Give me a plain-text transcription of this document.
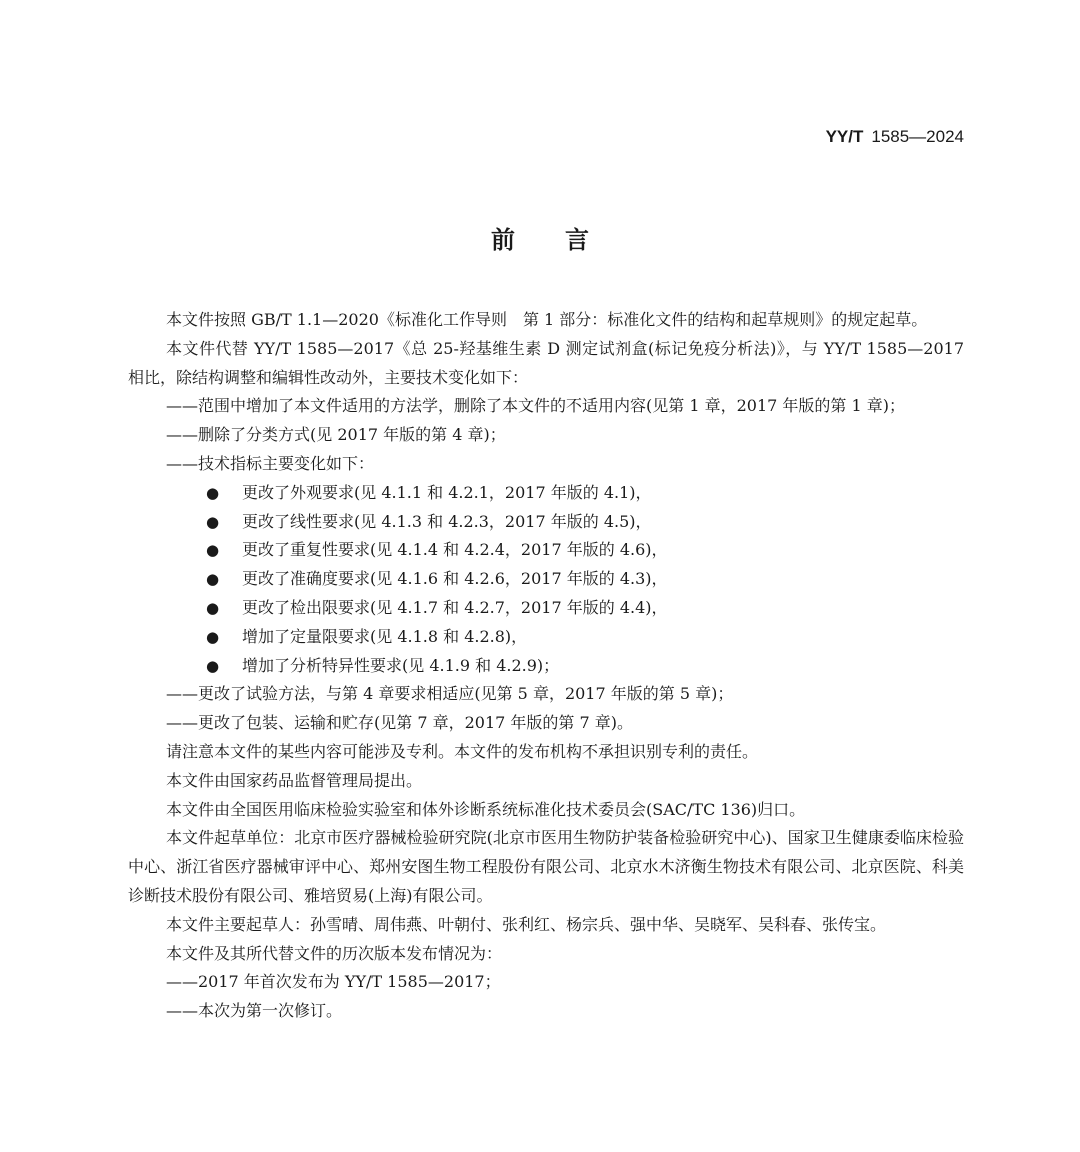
YY/T 1585—2024
前言

本文件按照 GB/T 1.1—2020《标准化工作导则　第 1 部分：标准化文件的结构和起草规则》的规定起草。

本文件代替 YY/T 1585—2017《总 25-羟基维生素 D 测定试剂盒(标记免疫分析法)》，与 YY/T 1585—2017 相比，除结构调整和编辑性改动外，主要技术变化如下：

——范围中增加了本文件适用的方法学，删除了本文件的不适用内容(见第 1 章，2017 年版的第 1 章)；

——删除了分类方式(见 2017 年版的第 4 章)；

——技术指标主要变化如下：

● 更改了外观要求(见 4.1.1 和 4.2.1，2017 年版的 4.1)，

● 更改了线性要求(见 4.1.3 和 4.2.3，2017 年版的 4.5)，

● 更改了重复性要求(见 4.1.4 和 4.2.4，2017 年版的 4.6)，

● 更改了准确度要求(见 4.1.6 和 4.2.6，2017 年版的 4.3)，

● 更改了检出限要求(见 4.1.7 和 4.2.7，2017 年版的 4.4)，

● 增加了定量限要求(见 4.1.8 和 4.2.8)，

● 增加了分析特异性要求(见 4.1.9 和 4.2.9)；

——更改了试验方法，与第 4 章要求相适应(见第 5 章，2017 年版的第 5 章)；

——更改了包装、运输和贮存(见第 7 章，2017 年版的第 7 章)。

请注意本文件的某些内容可能涉及专利。本文件的发布机构不承担识别专利的责任。

本文件由国家药品监督管理局提出。

本文件由全国医用临床检验实验室和体外诊断系统标准化技术委员会(SAC/TC 136)归口。

本文件起草单位：北京市医疗器械检验研究院(北京市医用生物防护装备检验研究中心)、国家卫生健康委临床检验中心、浙江省医疗器械审评中心、郑州安图生物工程股份有限公司、北京水木济衡生物技术有限公司、北京医院、科美诊断技术股份有限公司、雅培贸易(上海)有限公司。

本文件主要起草人：孙雪晴、周伟燕、叶朝付、张利红、杨宗兵、强中华、吴晓军、吴科春、张传宝。

本文件及其所代替文件的历次版本发布情况为：

——2017 年首次发布为 YY/T 1585—2017；

——本次为第一次修订。
